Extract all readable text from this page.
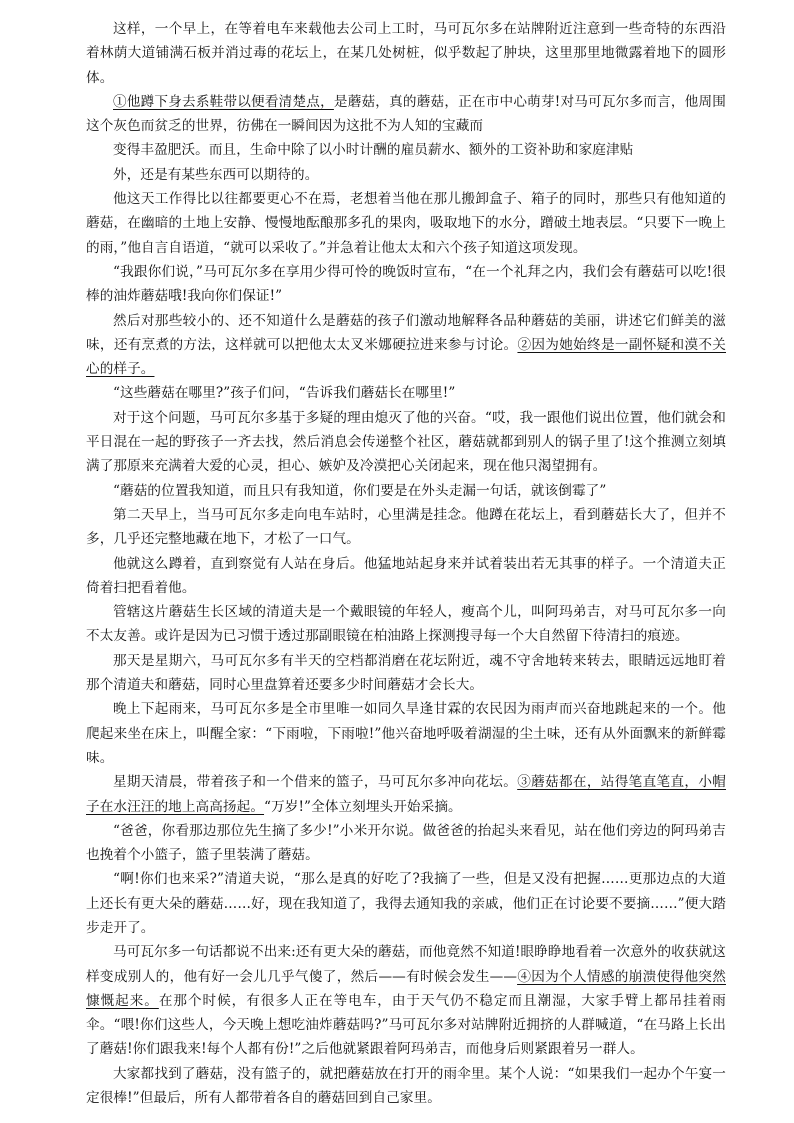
这样，一个早上，在等着电车来载他去公司上工时，马可瓦尔多在站牌附近注意到一些奇特的东西沿着林荫大道铺满石板并消过毒的花坛上，在某几处树桩，似乎数起了肿块，这里那里地微露着地下的圆形体。

①他蹲下身去系鞋带以便看清楚点，是蘑菇，真的蘑菇，正在市中心萌芽!对马可瓦尔多而言，他周围这个灰色而贫乏的世界，彷佛在一瞬间因为这批不为人知的宝藏而

变得丰盈肥沃。而且，生命中除了以小时计酬的雇员薪水、额外的工资补助和家庭津贴

外，还是有某些东西可以期待的。

他这天工作得比以往都要更心不在焉，老想着当他在那儿搬卸盒子、箱子的同时，那些只有他知道的蘑菇，在幽暗的土地上安静、慢慢地酝酿那多孔的果肉，吸取地下的水分，蹭破土地表层。“只要下一晚上的雨，”他自言自语道，“就可以采收了。”并急着让他太太和六个孩子知道这项发现。

“我跟你们说，”马可瓦尔多在享用少得可怜的晚饭时宣布，“在一个礼拜之内，我们会有蘑菇可以吃!很棒的油炸蘑菇哦!我向你们保证!”

然后对那些较小的、还不知道什么是蘑菇的孩子们激动地解释各品种蘑菇的美丽，讲述它们鲜美的滋味，还有烹煮的方法，这样就可以把他太太叉米娜硬拉进来参与讨论。②因为她始终是一副怀疑和漠不关心的样子。

“这些蘑菇在哪里?”孩子们问，“告诉我们蘑菇长在哪里!”

对于这个问题，马可瓦尔多基于多疑的理由熄灭了他的兴奋。“哎，我一跟他们说出位置，他们就会和平日混在一起的野孩子一齐去找，然后消息会传递整个社区，蘑菇就都到别人的锅子里了!这个推测立刻填满了那原来充满着大爱的心灵，担心、嫉妒及冷漠把心关闭起来，现在他只渴望拥有。

“蘑菇的位置我知道，而且只有我知道，你们要是在外头走漏一句话，就该倒霉了”

第二天早上，当马可瓦尔多走向电车站时，心里满是挂念。他蹲在花坛上，看到蘑菇长大了，但并不多，几乎还完整地藏在地下，才松了一口气。

他就这么蹲着，直到察觉有人站在身后。他猛地站起身来并试着装出若无其事的样子。一个清道夫正倚着扫把看着他。

管辖这片蘑菇生长区域的清道夫是一个戴眼镜的年轻人，瘦高个儿，叫阿玛弟吉，对马可瓦尔多一向不太友善。或许是因为已习惯于透过那副眼镜在柏油路上探测搜寻每一个大自然留下待清扫的痕迹。

那天是星期六，马可瓦尔多有半天的空档都消磨在花坛附近，魂不守舍地转来转去，眼睛远远地盯着那个清道夫和蘑菇，同时心里盘算着还要多少时间蘑菇才会长大。

晚上下起雨来，马可瓦尔多是全市里唯一如同久旱逢甘霖的农民因为雨声而兴奋地跳起来的一个。他爬起来坐在床上，叫醒全家：“下雨啦，下雨啦!”他兴奋地呼吸着湖湿的尘土味，还有从外面飘来的新鲜霉味。

星期天清晨，带着孩子和一个借来的篮子，马可瓦尔多冲向花坛。③蘑菇都在，站得笔直笔直，小帽子在水汪汪的地上高高扬起。“万岁!”全体立刻埋头开始采摘。

“爸爸，你看那边那位先生摘了多少!”小米开尔说。做爸爸的抬起头来看见，站在他们旁边的阿玛弟吉也挽着个小篮子，篮子里装满了蘑菇。

“啊!你们也来采?”清道夫说，“那么是真的好吃了?我摘了一些，但是又没有把握……更那边点的大道上还长有更大朵的蘑菇……好，现在我知道了，我得去通知我的亲戚，他们正在讨论要不要摘……”便大踏步走开了。

马可瓦尔多一句话都说不出来:还有更大朵的蘑菇，而他竟然不知道!眼睁睁地看着一次意外的收获就这样变成别人的，他有好一会儿几乎气傻了，然后——有时候会发生——④因为个人情感的崩溃使得他突然慷慨起来。在那个时候，有很多人正在等电车，由于天气仍不稳定而且潮湿，大家手臂上都吊挂着雨伞。“喂!你们这些人，今天晚上想吃油炸蘑菇吗?”马可瓦尔多对站牌附近拥挤的人群喊道，“在马路上长出了蘑菇!你们跟我来!每个人都有份!”之后他就紧跟着阿玛弟吉，而他身后则紧跟着另一群人。

大家都找到了蘑菇，没有篮子的，就把蘑菇放在打开的雨伞里。某个人说：“如果我们一起办个午宴一定很棒!”但最后，所有人都带着各自的蘑菇回到自己家里。
